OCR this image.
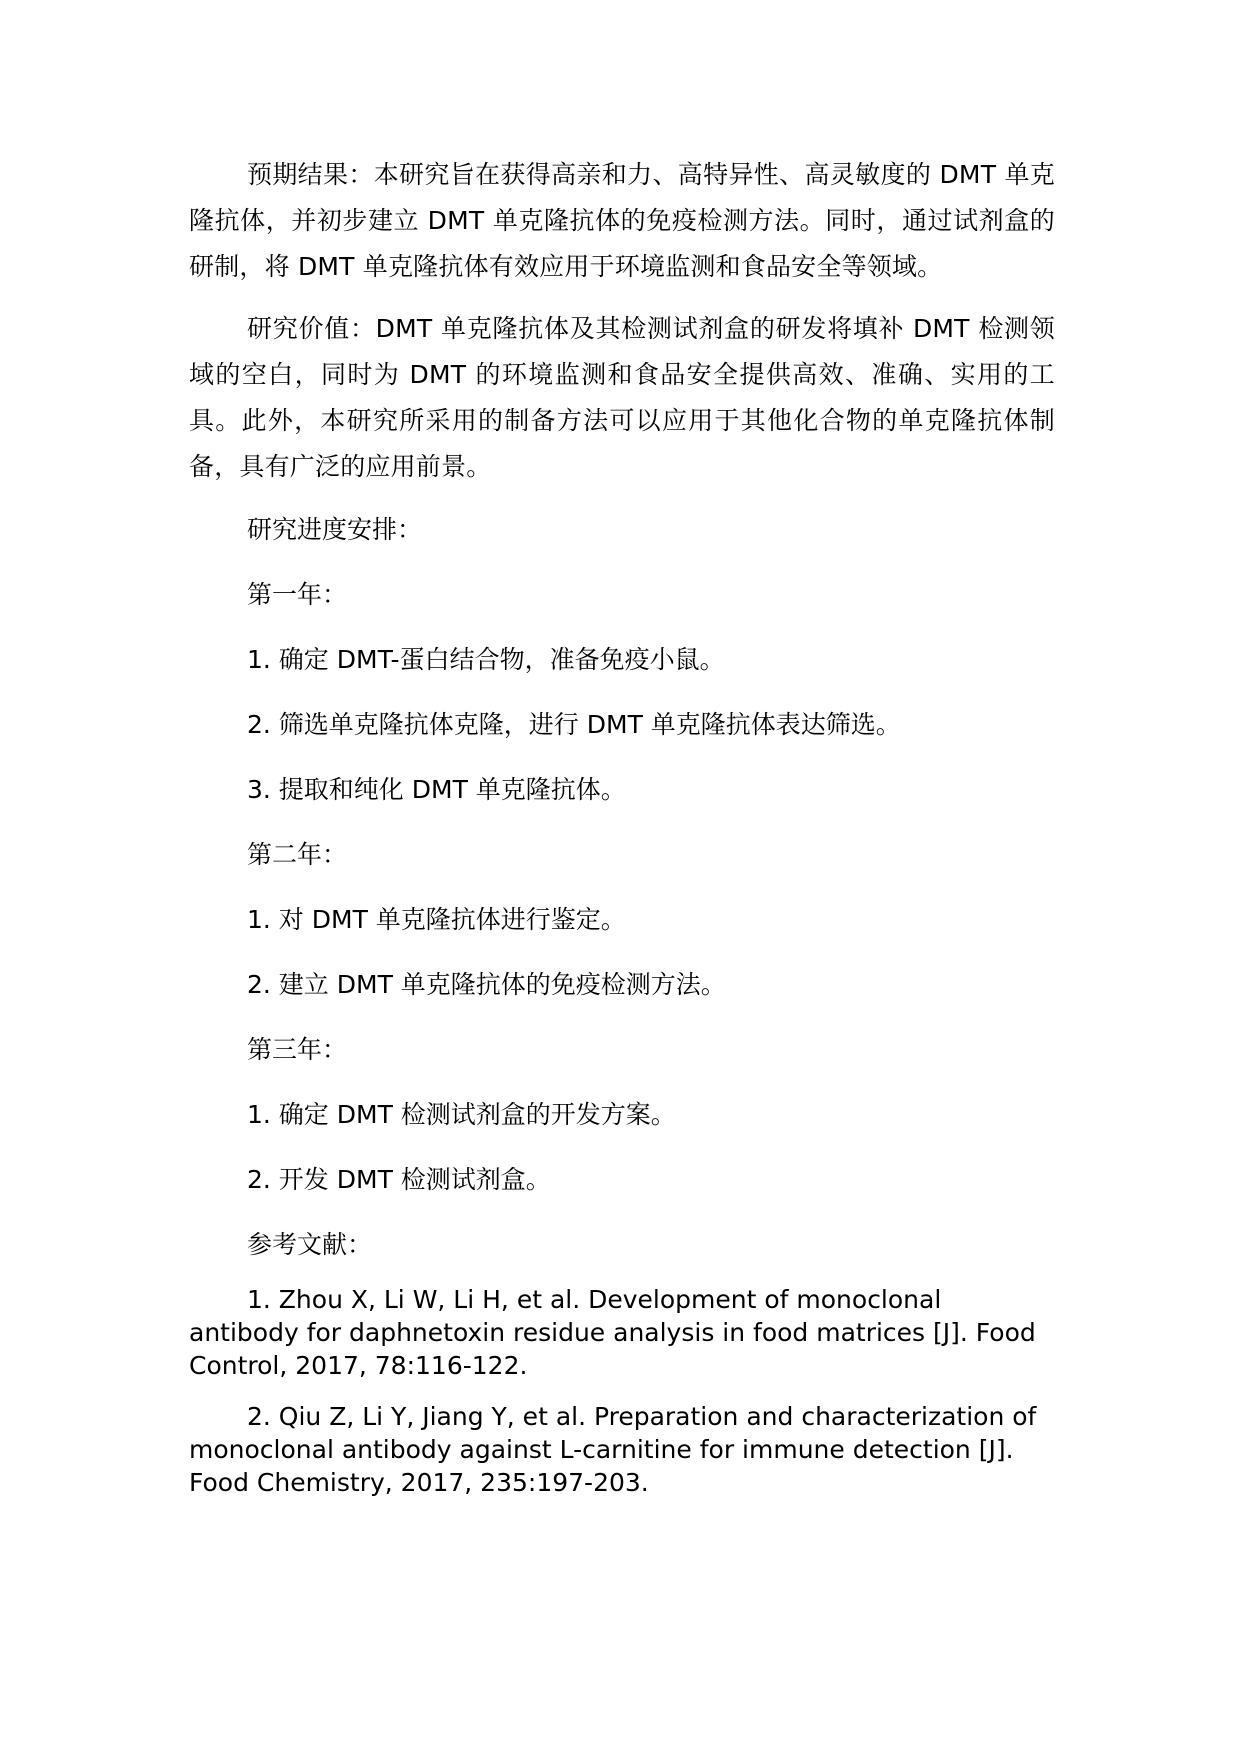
预期结果：本研究旨在获得高亲和力、高特异性、高灵敏度的 DMT 单克隆抗体，并初步建立 DMT 单克隆抗体的免疫检测方法。同时，通过试剂盒的研制，将 DMT 单克隆抗体有效应用于环境监测和食品安全等领域。

研究价值：DMT 单克隆抗体及其检测试剂盒的研发将填补 DMT 检测领域的空白，同时为 DMT 的环境监测和食品安全提供高效、准确、实用的工具。此外，本研究所采用的制备方法可以应用于其他化合物的单克隆抗体制备，具有广泛的应用前景。

研究进度安排：

第一年：

1. 确定 DMT-蛋白结合物，准备免疫小鼠。

2. 筛选单克隆抗体克隆，进行 DMT 单克隆抗体表达筛选。

3. 提取和纯化 DMT 单克隆抗体。

第二年：

1. 对 DMT 单克隆抗体进行鉴定。

2. 建立 DMT 单克隆抗体的免疫检测方法。

第三年：

1. 确定 DMT 检测试剂盒的开发方案。

2. 开发 DMT 检测试剂盒。

参考文献：

1. Zhou X, Li W, Li H, et al. Development of monoclonal antibody for daphnetoxin residue analysis in food matrices [J]. Food Control, 2017, 78:116-122.

2. Qiu Z, Li Y, Jiang Y, et al. Preparation and characterization of monoclonal antibody against L-carnitine for immune detection [J]. Food Chemistry, 2017, 235:197-203.
